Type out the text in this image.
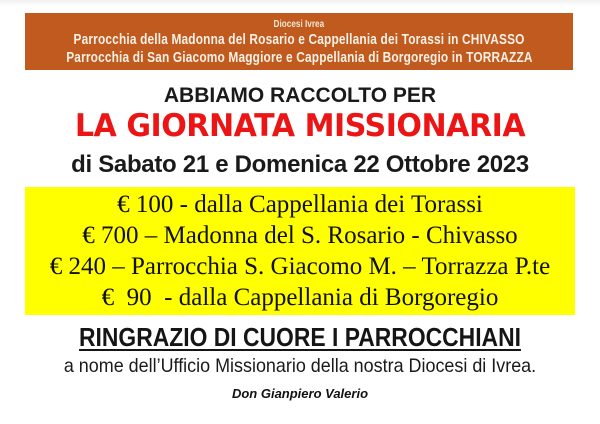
Diocesi Ivrea
Parrocchia della Madonna del Rosario e Cappellania dei Torassi in CHIVASSO
Parrocchia di San Giacomo Maggiore e Cappellania di Borgoregio in TORRAZZA
ABBIAMO RACCOLTO PER
LA GIORNATA MISSIONARIA
di Sabato 21 e Domenica 22 Ottobre 2023
€ 100 - dalla Cappellania dei Torassi
€ 700 – Madonna del S. Rosario - Chivasso
€ 240 – Parrocchia S. Giacomo M. – Torrazza P.te
€  90  - dalla Cappellania di Borgoregio
RINGRAZIO DI CUORE I PARROCCHIANI
a nome dell’Ufficio Missionario della nostra Diocesi di Ivrea.
Don Gianpiero Valerio
